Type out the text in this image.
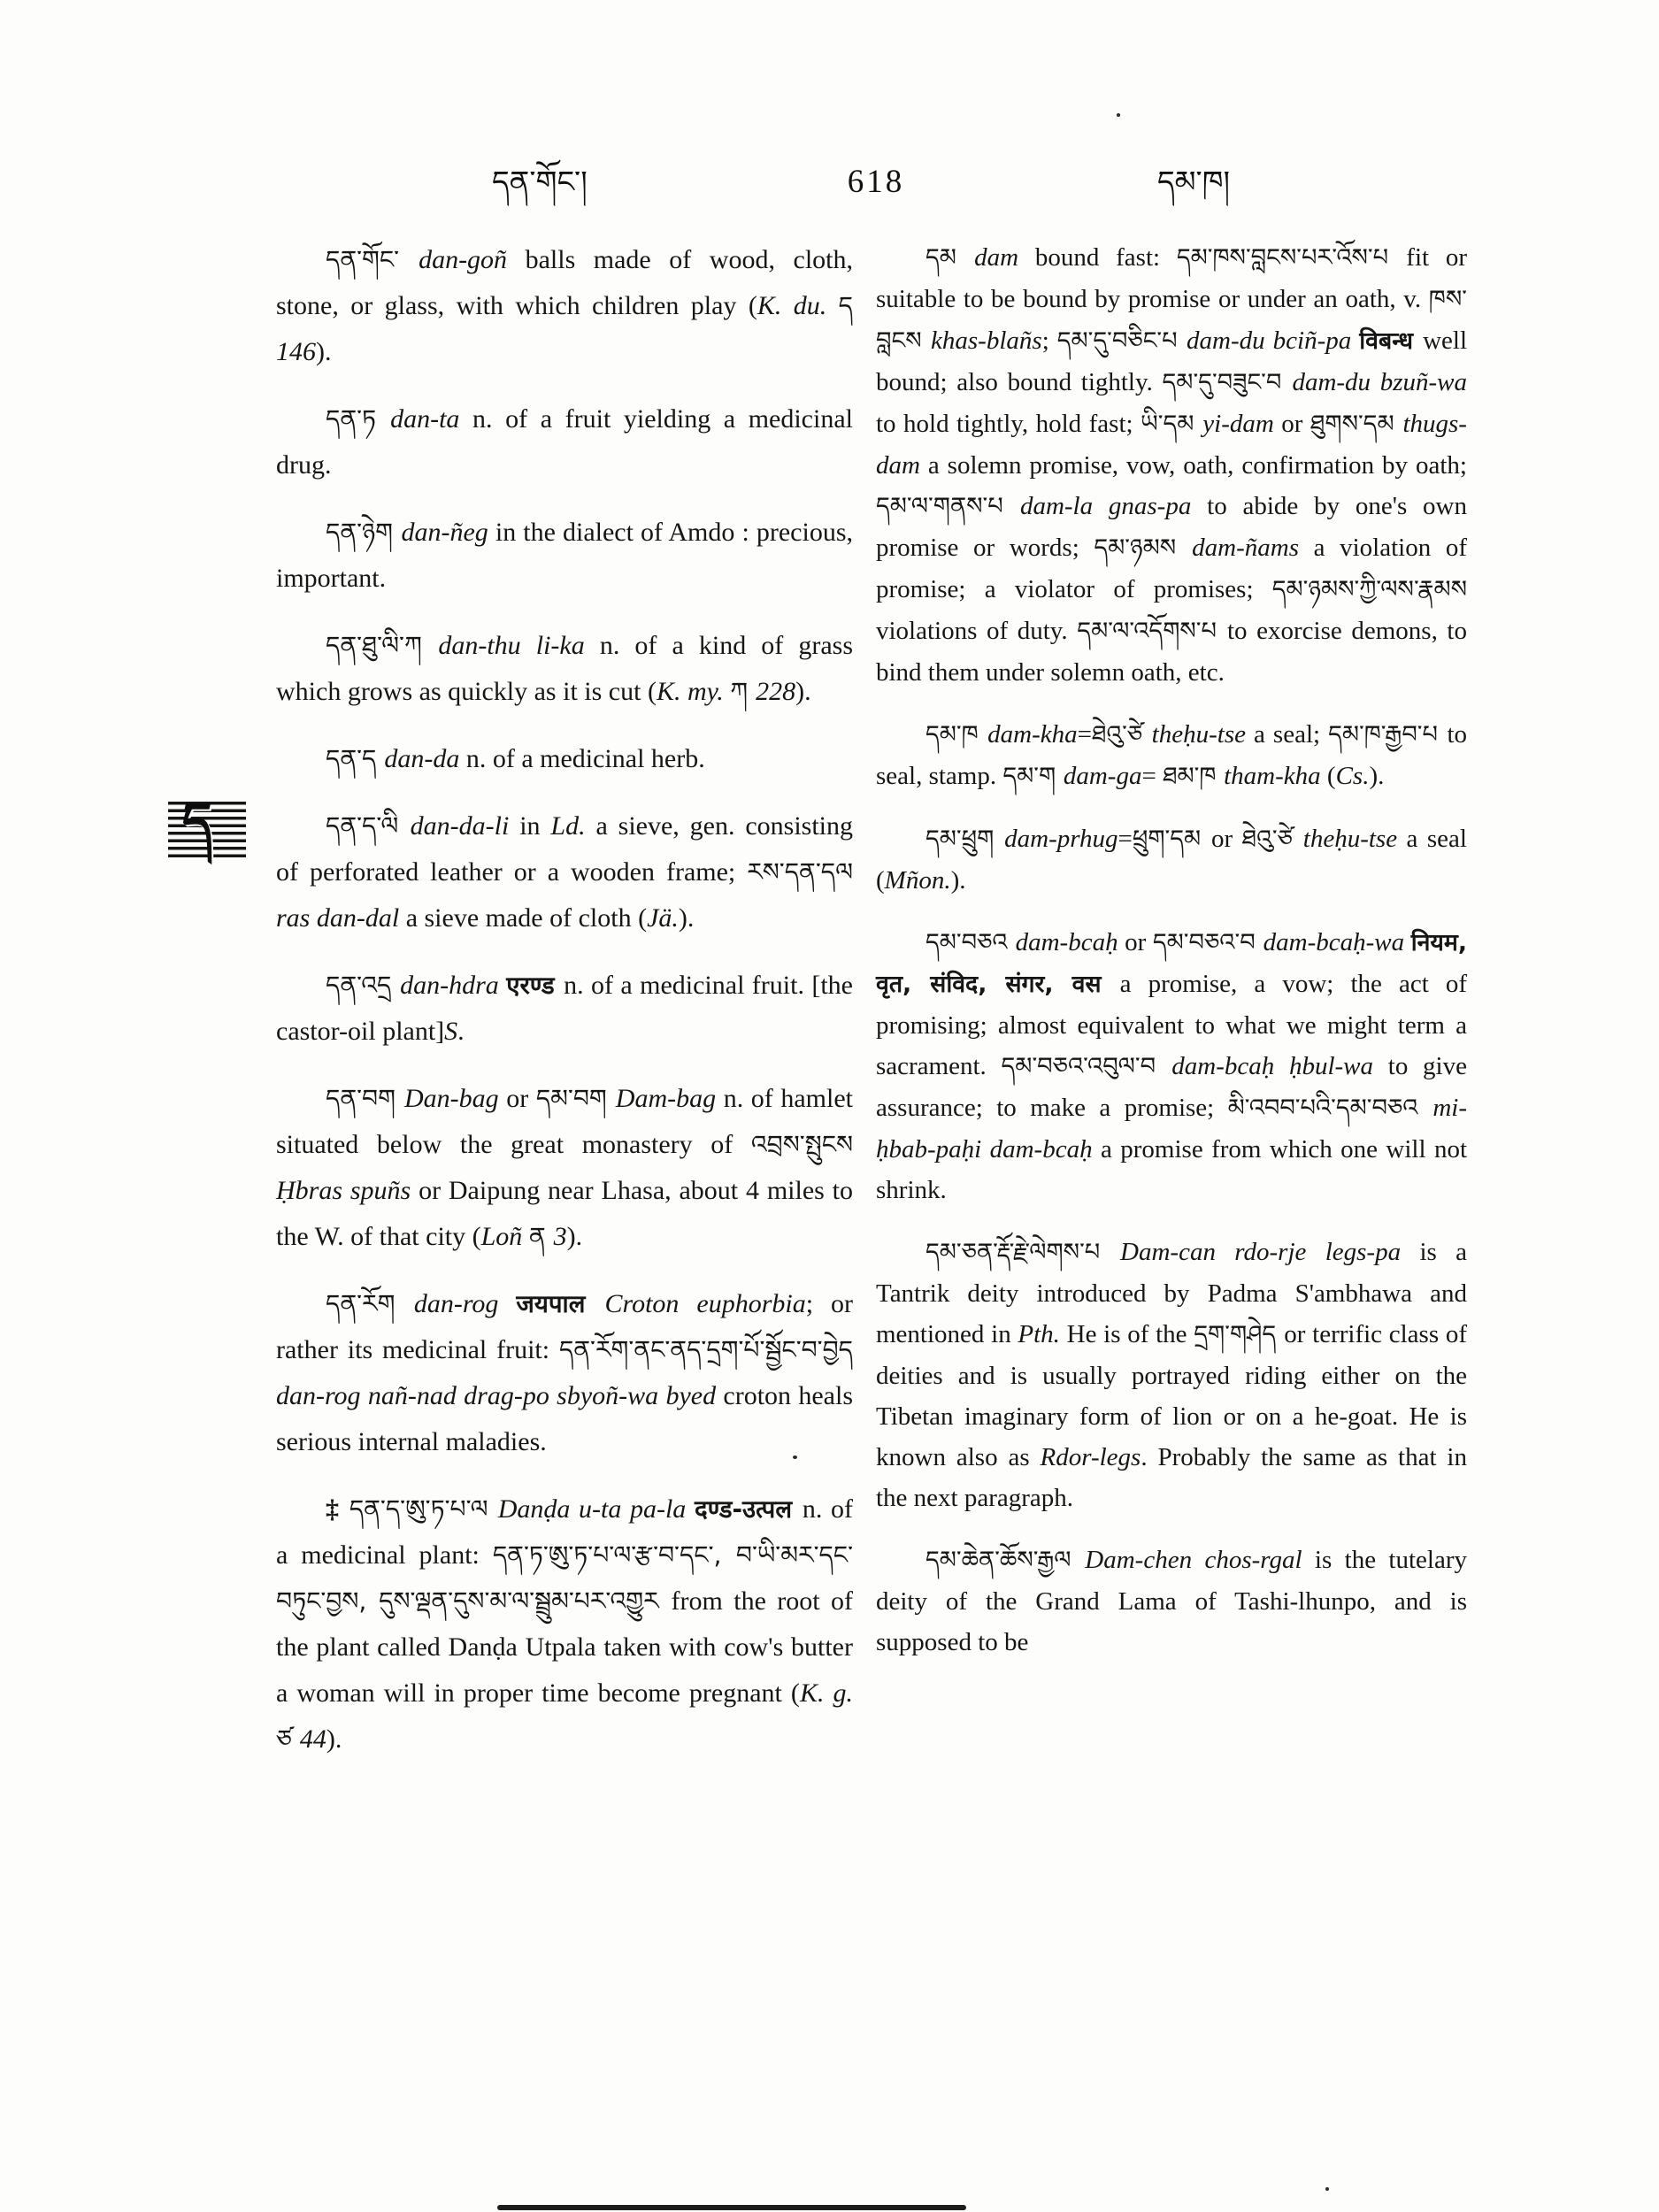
དན་གོང་།	618	དམ་ཁ།
ད

དན་གོང་ dan-goñ balls made of wood, cloth, stone, or glass, with which children play (K. du. ད 146).

དན་ཏ dan-ta n. of a fruit yielding a medicinal drug.

དན་ཉེག dan-ñeg in the dialect of Amdo : precious, important.

དན་ཐུ་ལི་ཀ dan-thu li-ka n. of a kind of grass which grows as quickly as it is cut (K. my. ཀ 228).

དན་ད dan-da n. of a medicinal herb.

དན་ད་ལི dan-da-li in Ld. a sieve, gen. consisting of perforated leather or a wooden frame; རས་དན་དལ ras dan-dal a sieve made of cloth (Jä.).

དན་འདྲ dan-hdra एरण्ड n. of a medicinal fruit. [the castor-oil plant]S.

དན་བག Dan-bag or དམ་བག Dam-bag n. of hamlet situated below the great monastery of འབྲས་སྤུངས Ḥbras spuñs or Daipung near Lhasa, about 4 miles to the W. of that city (Loñ ན 3).

དན་རོག dan-rog जयपाल Croton euphorbia; or rather its medicinal fruit: དན་རོག་ནང་ནད་དྲག་པོ་སྦྱོང་བ་བྱེད dan-rog nañ-nad drag-po sbyoñ-wa byed croton heals serious internal maladies.

‡ དན་ད་ཨུ་ཏ་པ་ལ Danḍa u-ta pa-la दण्ड-उत्पल n. of a medicinal plant: དན་ཏ་ཨུ་ཏ་པ་ལ་རྩ་བ་དང་, བ་ཡི་མར་དང་བཏུང་བྱས, དུས་ལྡན་དུས་མ་ལ་སྦྲུམ་པར་འགྱུར from the root of the plant called Danḍa Utpala taken with cow's butter a woman will in proper time become pregnant (K. g. ཙ 44).

དམ dam bound fast: དམ་ཁས་བླངས་པར་འོས་པ fit or suitable to be bound by promise or under an oath, v. ཁས་བླངས khas-blañs; དམ་དུ་བཅིང་པ dam-du bciñ-pa विबन्ध well bound; also bound tightly. དམ་དུ་བཟུང་བ dam-du bzuñ-wa to hold tightly, hold fast; ཡི་དམ yi-dam or ཐུགས་དམ thugs-dam a solemn promise, vow, oath, confirmation by oath; དམ་ལ་གནས་པ dam-la gnas-pa to abide by one's own promise or words; དམ་ཉམས dam-ñams a violation of promise; a violator of promises; དམ་ཉམས་ཀྱི་ལས་རྣམས violations of duty. དམ་ལ་འདོགས་པ to exorcise demons, to bind them under solemn oath, etc.

དམ་ཁ dam-kha=ཐེའུ་ཙེ theḥu-tse a seal; དམ་ཁ་རྒྱབ་པ to seal, stamp. དམ་ག dam-ga= ཐམ་ཁ tham-kha (Cs.).

དམ་ཕྲུག dam-prhug=ཕྲུག་དམ or ཐེའུ་ཙེ theḥu-tse a seal (Mñon.).

དམ་བཅའ dam-bcaḥ or དམ་བཅའ་བ dam-bcaḥ-wa नियम, वृत, संविद, संगर, वस a promise, a vow; the act of promising; almost equivalent to what we might term a sacrament. དམ་བཅའ་འབུལ་བ dam-bcaḥ ḥbul-wa to give assurance; to make a promise; མི་འབབ་པའི་དམ་བཅའ mi-ḥbab-paḥi dam-bcaḥ a promise from which one will not shrink.

དམ་ཅན་རྡོ་རྗེ་ལེགས་པ Dam-can rdo-rje legs-pa is a Tantrik deity introduced by Padma S'ambhawa and mentioned in Pth. He is of the དྲག་གཤེད or terrific class of deities and is usually portrayed riding either on the Tibetan imaginary form of lion or on a he-goat. He is known also as Rdor-legs. Probably the same as that in the next paragraph.

དམ་ཆེན་ཆོས་རྒྱལ Dam-chen chos-rgal is the tutelary deity of the Grand Lama of Tashi-lhunpo, and is supposed to be
